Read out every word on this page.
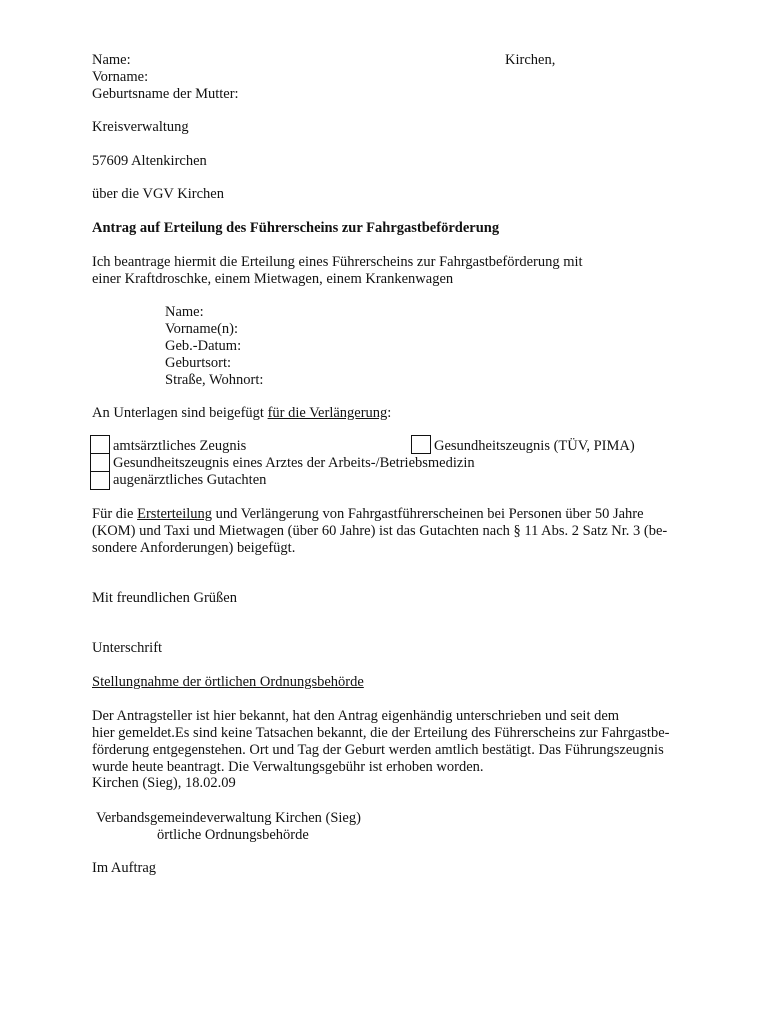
Name:	Kirchen,
Vorname:
Geburtsname der Mutter:
Kreisverwaltung
57609 Altenkirchen
über die VGV Kirchen
Antrag auf Erteilung des Führerscheins zur Fahrgastbeförderung
Ich beantrage hiermit die Erteilung eines Führerscheins zur Fahrgastbeförderung mit
einer Kraftdroschke, einem Mietwagen, einem Krankenwagen
Name:
Vorname(n):
Geb.-Datum:
Geburtsort:
Straße, Wohnort:
An Unterlagen sind beigefügt für die Verlängerung:
amtsärztliches Zeugnis	Gesundheitszeugnis (TÜV, PIMA)
Gesundheitszeugnis eines Arztes der Arbeits-/Betriebsmedizin
augenärztliches Gutachten
Für die Ersterteilung und Verlängerung von Fahrgastführerscheinen bei Personen über 50 Jahre
(KOM) und Taxi und Mietwagen (über 60 Jahre) ist das Gutachten nach § 11 Abs. 2 Satz Nr. 3 (be-
sondere Anforderungen) beigefügt.
Mit freundlichen Grüßen
Unterschrift
Stellungnahme der örtlichen Ordnungsbehörde
Der Antragsteller ist hier bekannt, hat den Antrag eigenhändig unterschrieben und seit dem
hier gemeldet.Es sind keine Tatsachen bekannt, die der Erteilung des Führerscheins zur Fahrgastbe-
förderung entgegenstehen. Ort und Tag der Geburt werden amtlich bestätigt. Das Führungszeugnis
wurde heute beantragt. Die Verwaltungsgebühr ist erhoben worden.
Kirchen (Sieg), 18.02.09
Verbandsgemeindeverwaltung Kirchen (Sieg)
örtliche Ordnungsbehörde
Im Auftrag
